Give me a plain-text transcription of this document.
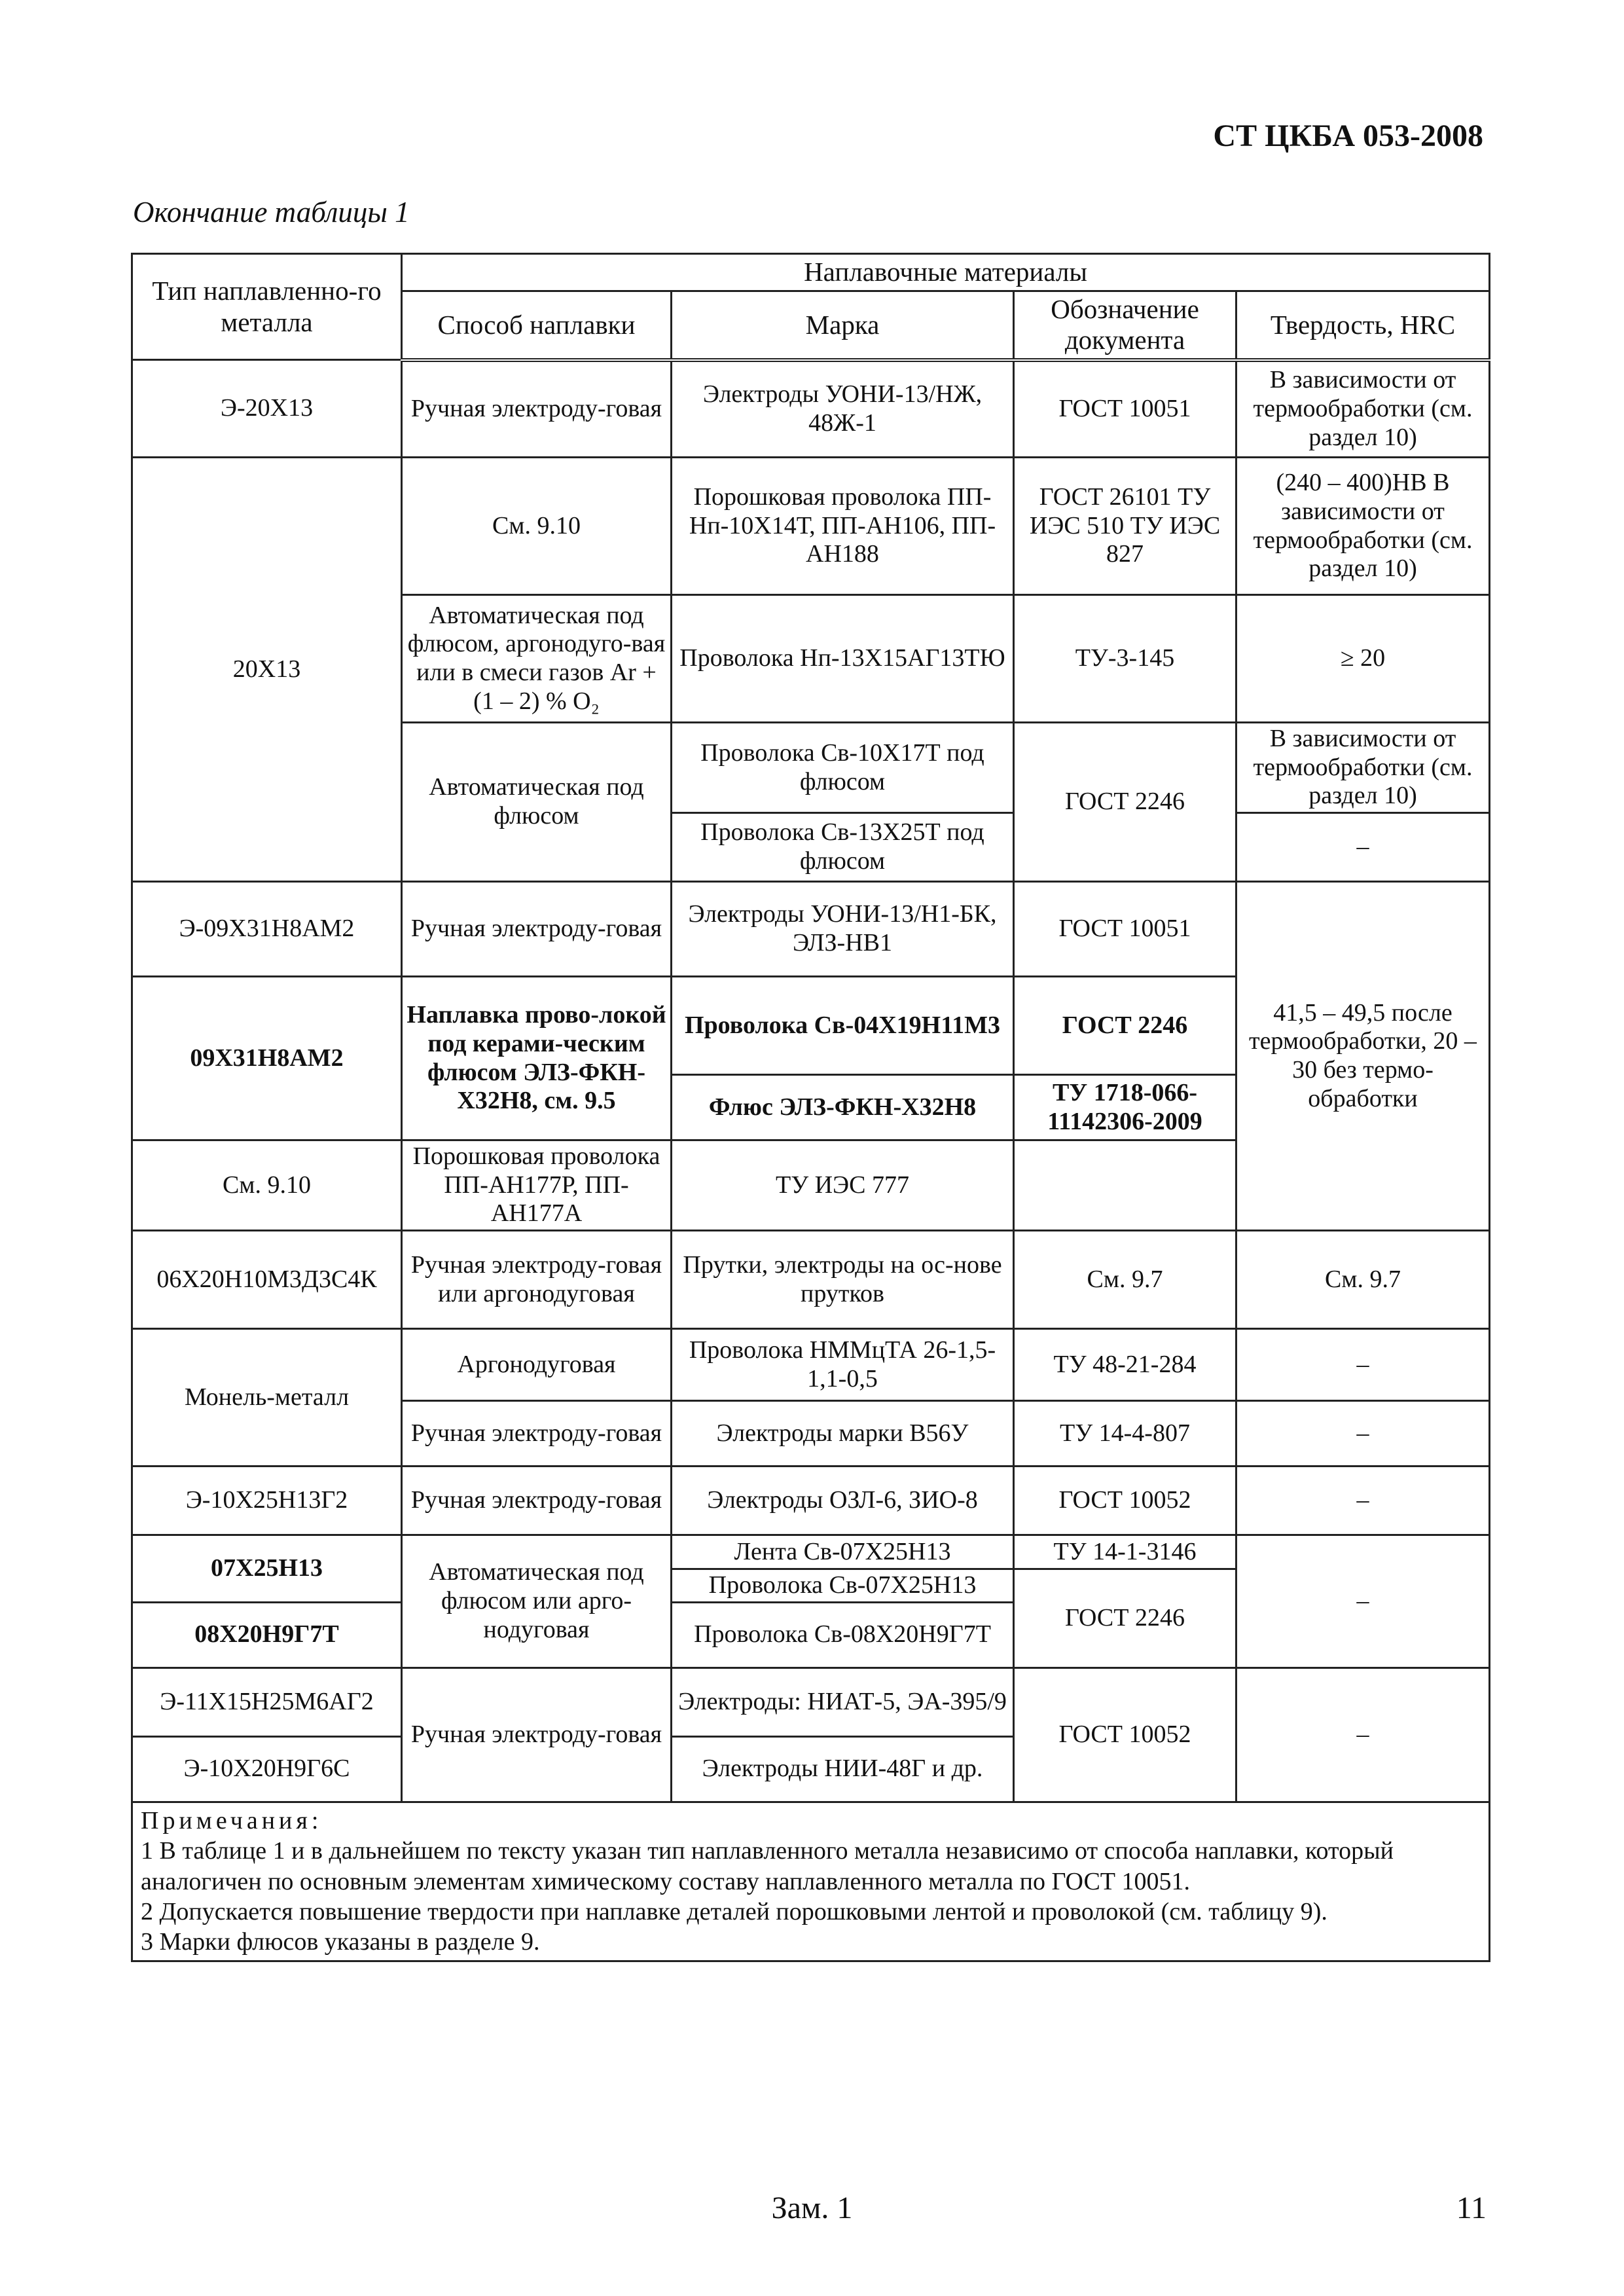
СТ ЦКБА 053-2008
Окончание таблицы 1
Тип наплавленно-го металла	Наплавочные материалы			
	Способ наплавки	Марка	Обозначение документа	Твердость, HRC
Э-20Х13	Ручная электроду-говая	Электроды УОНИ-13/НЖ, 48Ж-1	ГОСТ 10051	В зависимости от термообработки (см. раздел 10)
20Х13	См. 9.10	Порошковая проволока ПП-Нп-10Х14Т, ПП-АН106, ПП-АН188	ГОСТ 26101 ТУ ИЭС 510 ТУ ИЭС 827	(240 – 400)НВ В зависимости от термообработки (см. раздел 10)
	Автоматическая под флюсом, аргонодуго-вая или в смеси газов Ar + (1 – 2) % O₂	Проволока Нп-13Х15АГ13ТЮ	ТУ-3-145	≥ 20
	Автоматическая под флюсом	Проволока Св-10Х17Т под флюсом	ГОСТ 2246	В зависимости от термообработки (см. раздел 10)
		Проволока Св-13Х25Т под флюсом		–
Э-09Х31Н8АМ2	Ручная электроду-говая	Электроды УОНИ-13/Н1-БК, ЭЛЗ-НВ1	ГОСТ 10051	41,5 – 49,5 после термообработки, 20 – 30 без термо-обработки
09Х31Н8АМ2	Наплавка прово-локой под керами-ческим флюсом ЭЛЗ-ФКН-Х32Н8, см. 9.5	Проволока Св-04Х19Н11М3	ГОСТ 2246	
		Флюс ЭЛЗ-ФКН-Х32Н8	ТУ 1718-066-11142306-2009	
См. 9.10	Порошковая проволока ПП-АН177Р, ПП-АН177А	ТУ ИЭС 777		
06Х20Н10М3Д3С4К	Ручная электроду-говая или аргонодуговая	Прутки, электроды на ос-нове прутков	См. 9.7	См. 9.7
Монель-металл	Аргонодуговая	Проволока НММцТА 26-1,5-1,1-0,5	ТУ 48-21-284	–
	Ручная электроду-говая	Электроды марки В56У	ТУ 14-4-807	–
Э-10Х25Н13Г2	Ручная электроду-говая	Электроды ОЗЛ-6, ЗИО-8	ГОСТ 10052	–
07Х25Н13	Автоматическая под флюсом или арго-нодуговая	Лента Св-07Х25Н13	ТУ 14-1-3146	–
		Проволока Св-07Х25Н13	ГОСТ 2246	
08Х20Н9Г7Т		Проволока Св-08Х20Н9Г7Т		
Э-11Х15Н25М6АГ2	Ручная электроду-говая	Электроды: НИАТ-5, ЭА-395/9	ГОСТ 10052	–
Э-10Х20Н9Г6С		Электроды НИИ-48Г и др.		

Примечания:
1 В таблице 1 и в дальнейшем по тексту указан тип наплавленного металла независимо от способа наплавки, который аналогичен по основным элементам химическому составу наплавленного металла по ГОСТ 10051.
2 Допускается повышение твердости при наплавке деталей порошковыми лентой и проволокой (см. таблицу 9).
3 Марки флюсов указаны в разделе 9.				
Зам. 1	11
